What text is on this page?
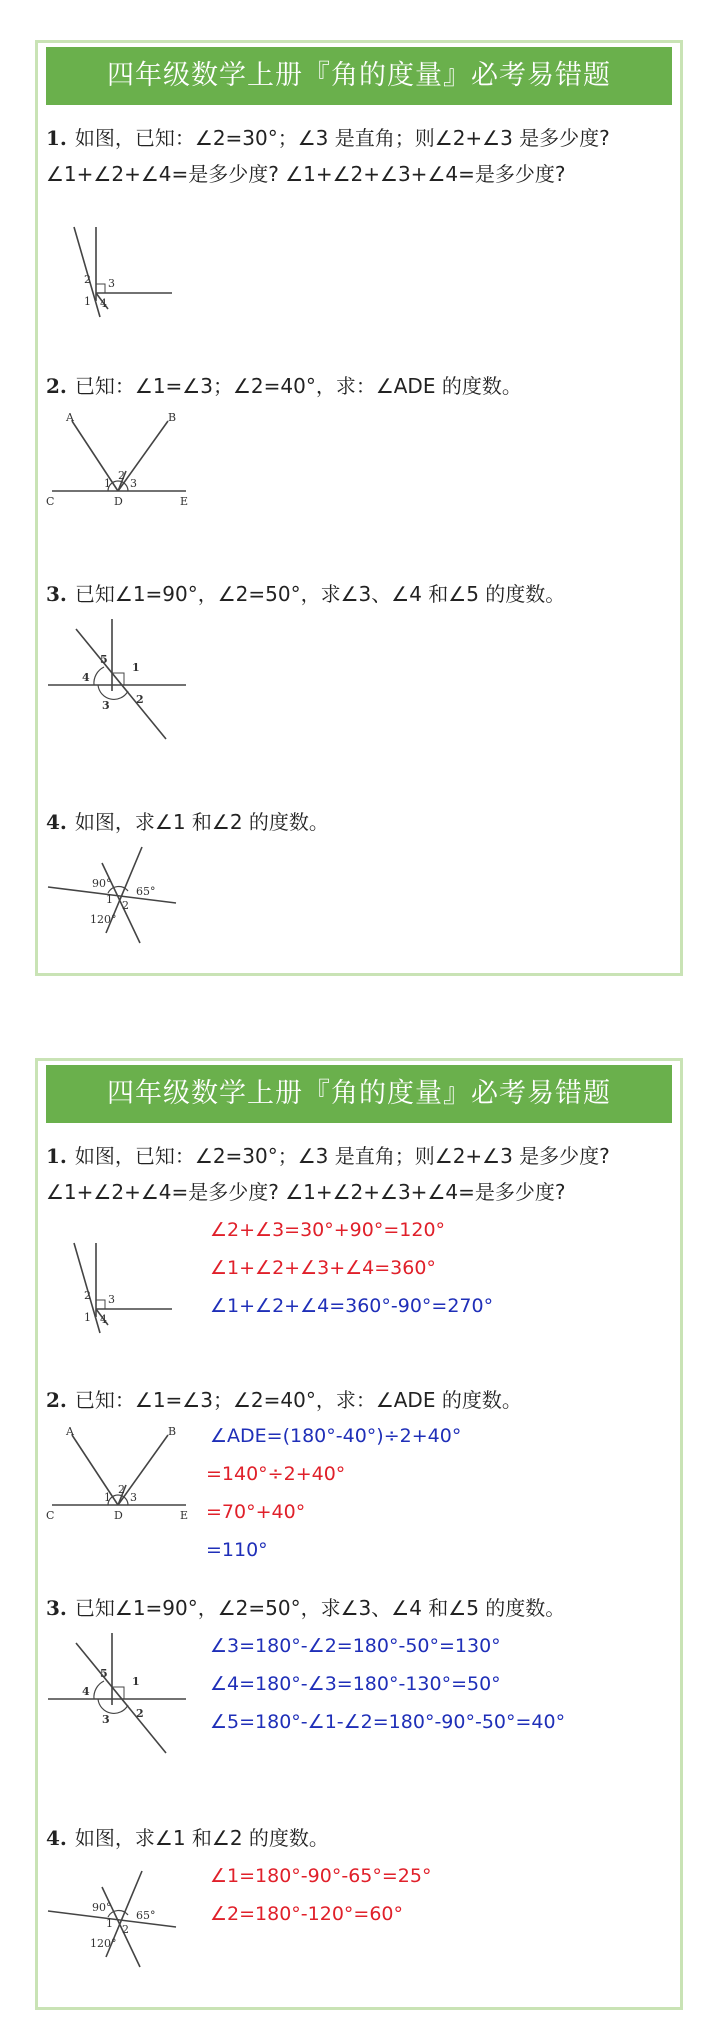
四年级数学上册『角的度量』必考易错题
1. 如图，已知：∠2=30°；∠3 是直角；则∠2+∠3 是多少度?
∠1+∠2+∠4=是多少度? ∠1+∠2+∠3+∠4=是多少度?
2 3
1 4
2. 已知：∠1=∠3；∠2=40°，求：∠ADE 的度数。
A	B
C	D	E
1
2
3
3. 已知∠1=90°，∠2=50°，求∠3、∠4 和∠5 的度数。
5
4
1
2
3
4. 如图，求∠1 和∠2 的度数。
90°
65°
120°
1 2
四年级数学上册『角的度量』必考易错题
1. 如图，已知：∠2=30°；∠3 是直角；则∠2+∠3 是多少度?
∠1+∠2+∠4=是多少度? ∠1+∠2+∠3+∠4=是多少度?
2 3
1 4
∠2+∠3=30°+90°=120°
∠1+∠2+∠3+∠4=360°
∠1+∠2+∠4=360°-90°=270°
2. 已知：∠1=∠3；∠2=40°，求：∠ADE 的度数。
A	B
C	D	E
1
2
3
∠ADE=(180°-40°)÷2+40°
=140°÷2+40°
=70°+40°
=110°
3. 已知∠1=90°，∠2=50°，求∠3、∠4 和∠5 的度数。
5
4
1
2
3
∠3=180°-∠2=180°-50°=130°
∠4=180°-∠3=180°-130°=50°
∠5=180°-∠1-∠2=180°-90°-50°=40°
4. 如图，求∠1 和∠2 的度数。
90°
65°
120°
1 2
∠1=180°-90°-65°=25°
∠2=180°-120°=60°
